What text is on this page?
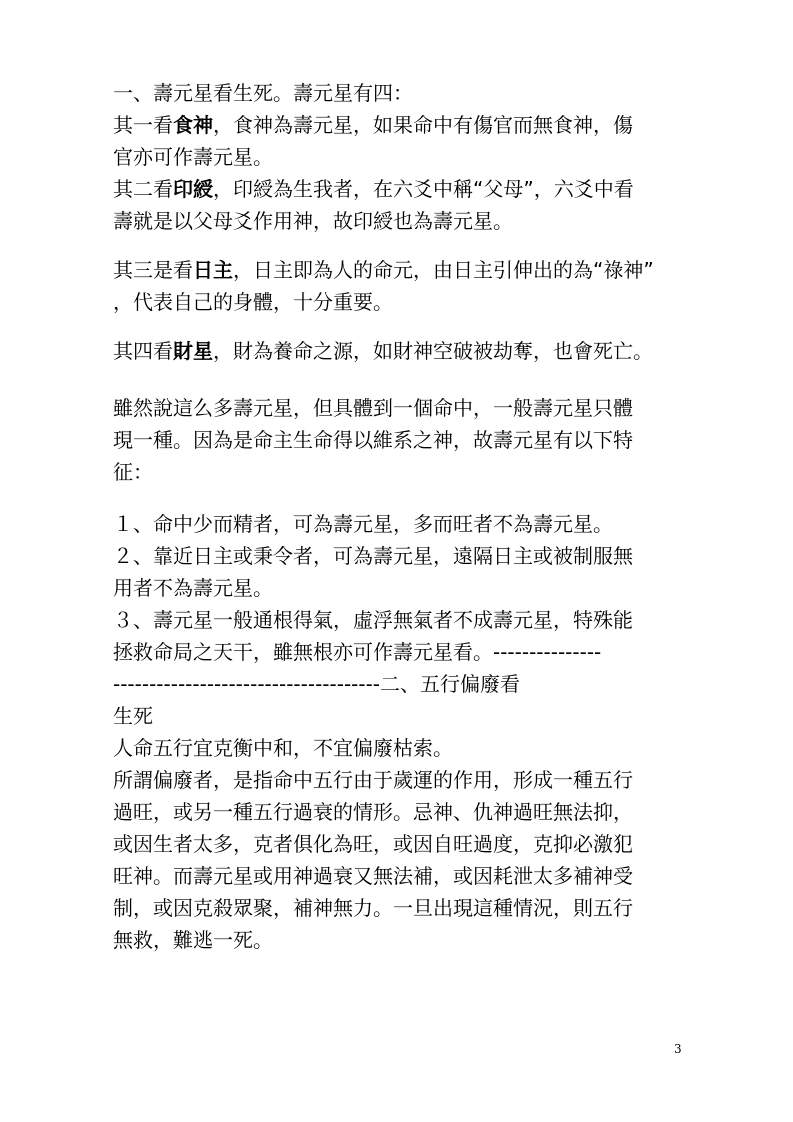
一、壽元星看生死。壽元星有四：
其一看食神，食神為壽元星，如果命中有傷官而無食神，傷
官亦可作壽元星。
其二看印綬，印綬為生我者，在六爻中稱“父母”，六爻中看
壽就是以父母爻作用神，故印綬也為壽元星。
其三是看日主，日主即為人的命元，由日主引伸出的為“祿神”
，代表自己的身體，十分重要。
其四看財星，財為養命之源，如財神空破被劫奪，也會死亡。
雖然說這么多壽元星，但具體到一個命中，一般壽元星只體
現一種。因為是命主生命得以維系之神，故壽元星有以下特
征：
１、命中少而精者，可為壽元星，多而旺者不為壽元星。
２、靠近日主或秉令者，可為壽元星，遠隔日主或被制服無
用者不為壽元星。
３、壽元星一般通根得氣，虛浮無氣者不成壽元星，特殊能
拯救命局之天干，雖無根亦可作壽元星看。---------------
-------------------------------------二、五行偏廢看
生死
人命五行宜克衡中和，不宜偏廢枯索。
所謂偏廢者，是指命中五行由于歲運的作用，形成一種五行
過旺，或另一種五行過衰的情形。忌神、仇神過旺無法抑，
或因生者太多，克者俱化為旺，或因自旺過度，克抑必激犯
旺神。而壽元星或用神過衰又無法補，或因耗泄太多補神受
制，或因克殺眾聚，補神無力。一旦出現這種情況，則五行
無救，難逃一死。
3
